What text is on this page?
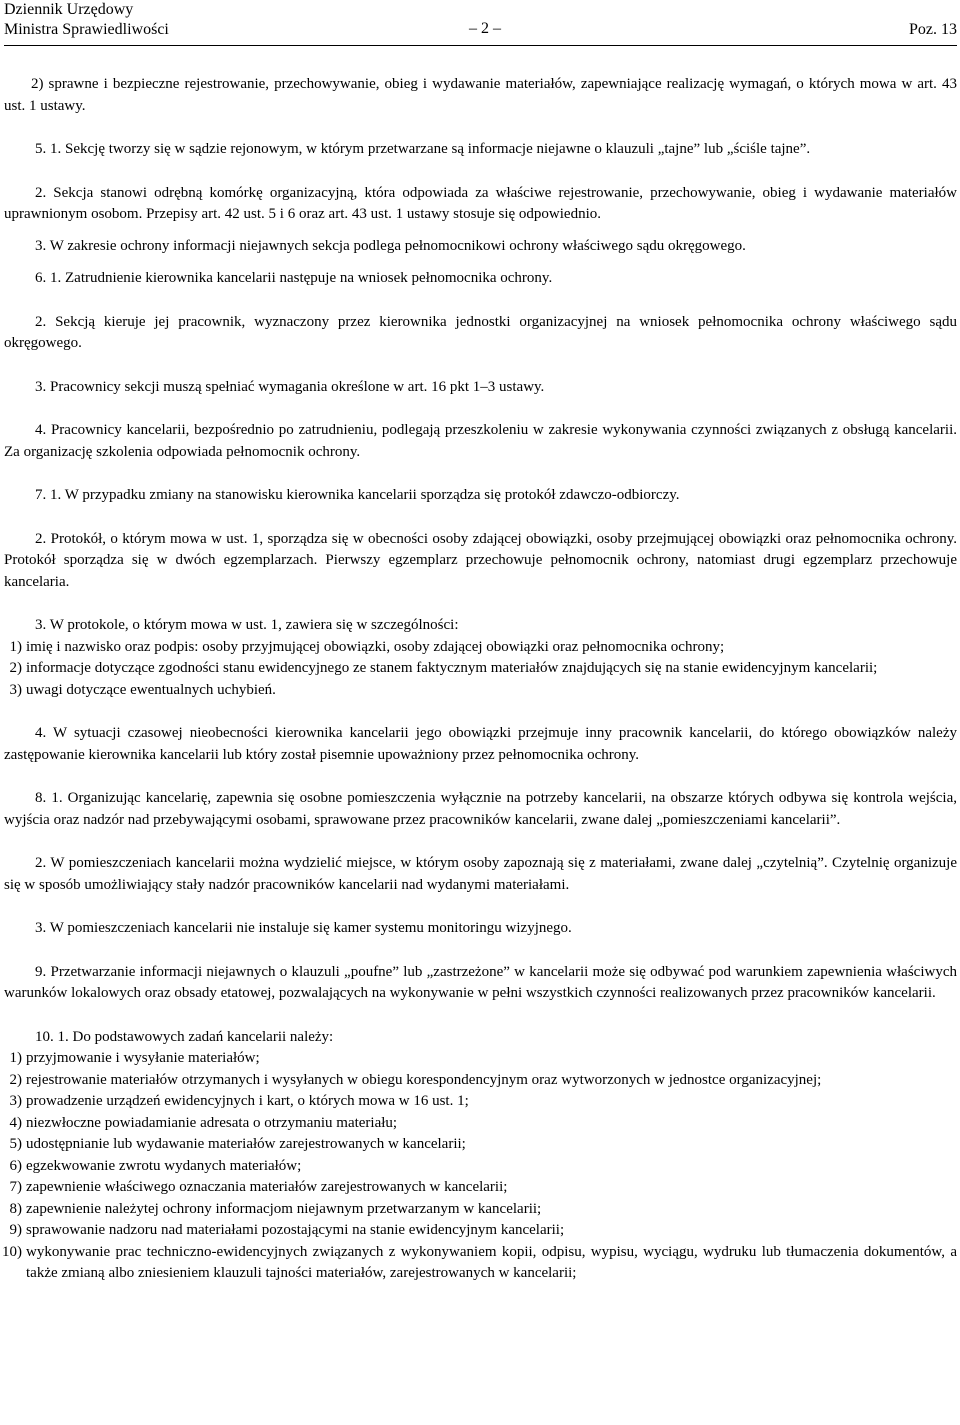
Dziennik Urzędowy
Ministra Sprawiedliwości	– 2 –	Poz. 13

2) sprawne i bezpieczne rejestrowanie, przechowywanie, obieg i wydawanie materiałów, zapewniające realizację wymagań, o których mowa w art. 43 ust. 1 ustawy.

5. 1. Sekcję tworzy się w sądzie rejonowym, w którym przetwarzane są informacje niejawne o klauzuli „tajne” lub „ściśle tajne”.

2. Sekcja stanowi odrębną komórkę organizacyjną, która odpowiada za właściwe rejestrowanie, przechowywanie, obieg i wydawanie materiałów uprawnionym osobom. Przepisy art. 42 ust. 5 i 6 oraz art. 43 ust. 1 ustawy stosuje się odpowiednio.

3. W zakresie ochrony informacji niejawnych sekcja podlega pełnomocnikowi ochrony właściwego sądu okręgowego.

6. 1. Zatrudnienie kierownika kancelarii następuje na wniosek pełnomocnika ochrony.

2. Sekcją kieruje jej pracownik, wyznaczony przez kierownika jednostki organizacyjnej na wniosek pełnomocnika ochrony właściwego sądu okręgowego.

3. Pracownicy sekcji muszą spełniać wymagania określone w art. 16 pkt 1–3 ustawy.

4. Pracownicy kancelarii, bezpośrednio po zatrudnieniu, podlegają przeszkoleniu w zakresie wykonywania czynności związanych z obsługą kancelarii. Za organizację szkolenia odpowiada pełnomocnik ochrony.

7. 1. W przypadku zmiany na stanowisku kierownika kancelarii sporządza się protokół zdawczo-odbiorczy.

2. Protokół, o którym mowa w ust. 1, sporządza się w obecności osoby zdającej obowiązki, osoby przejmującej obowiązki oraz pełnomocnika ochrony. Protokół sporządza się w dwóch egzemplarzach. Pierwszy egzemplarz przechowuje pełnomocnik ochrony, natomiast drugi egzemplarz przechowuje kancelaria.

3. W protokole, o którym mowa w ust. 1, zawiera się w szczególności:

1) imię i nazwisko oraz podpis: osoby przyjmującej obowiązki, osoby zdającej obowiązki oraz pełnomocnika ochrony;
2) informacje dotyczące zgodności stanu ewidencyjnego ze stanem faktycznym materiałów znajdujących się na stanie ewidencyjnym kancelarii;
3) uwagi dotyczące ewentualnych uchybień.

4. W sytuacji czasowej nieobecności kierownika kancelarii jego obowiązki przejmuje inny pracownik kancelarii, do którego obowiązków należy zastępowanie kierownika kancelarii lub który został pisemnie upoważniony przez pełnomocnika ochrony.

8. 1. Organizując kancelarię, zapewnia się osobne pomieszczenia wyłącznie na potrzeby kancelarii, na obszarze których odbywa się kontrola wejścia, wyjścia oraz nadzór nad przebywającymi osobami, sprawowane przez pracowników kancelarii, zwane dalej „pomieszczeniami kancelarii”.

2. W pomieszczeniach kancelarii można wydzielić miejsce, w którym osoby zapoznają się z materiałami, zwane dalej „czytelnią”. Czytelnię organizuje się w sposób umożliwiający stały nadzór pracowników kancelarii nad wydanymi materiałami.

3. W pomieszczeniach kancelarii nie instaluje się kamer systemu monitoringu wizyjnego.

9. Przetwarzanie informacji niejawnych o klauzuli „poufne” lub „zastrzeżone” w kancelarii może się odbywać pod warunkiem zapewnienia właściwych warunków lokalowych oraz obsady etatowej, pozwalających na wykonywanie w pełni wszystkich czynności realizowanych przez pracowników kancelarii.

10. 1. Do podstawowych zadań kancelarii należy:

1) przyjmowanie i wysyłanie materiałów;
2) rejestrowanie materiałów otrzymanych i wysyłanych w obiegu korespondencyjnym oraz wytworzonych w jednostce organizacyjnej;
3) prowadzenie urządzeń ewidencyjnych i kart, o których mowa w 16 ust. 1;
4) niezwłoczne powiadamianie adresata o otrzymaniu materiału;
5) udostępnianie lub wydawanie materiałów zarejestrowanych w kancelarii;
6) egzekwowanie zwrotu wydanych materiałów;
7) zapewnienie właściwego oznaczania materiałów zarejestrowanych w kancelarii;
8) zapewnienie należytej ochrony informacjom niejawnym przetwarzanym w kancelarii;
9) sprawowanie nadzoru nad materiałami pozostającymi na stanie ewidencyjnym kancelarii;
10) wykonywanie prac techniczno-ewidencyjnych związanych z wykonywaniem kopii, odpisu, wypisu, wyciągu, wydruku lub tłumaczenia dokumentów, a także zmianą albo zniesieniem klauzuli tajności materiałów, zarejestrowanych w kancelarii;
